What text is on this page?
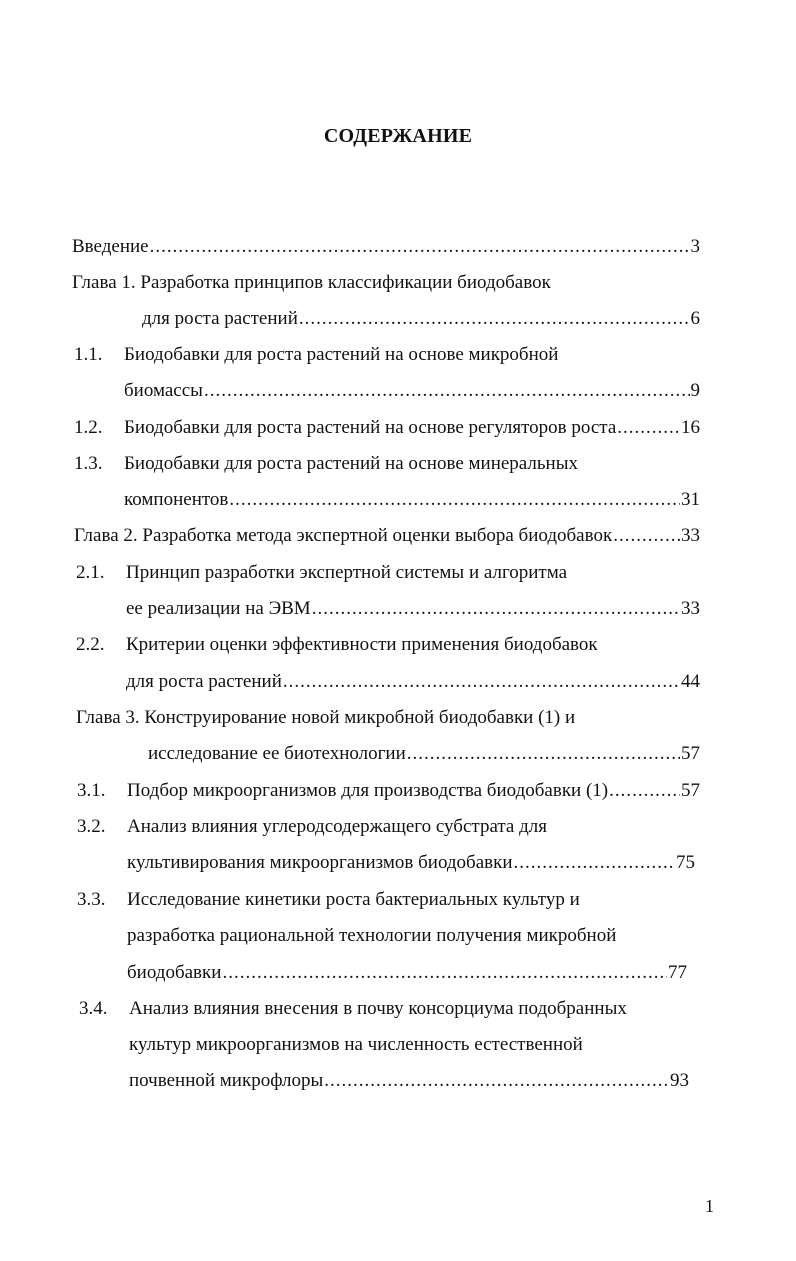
СОДЕРЖАНИЕ
Введение .....	3
Глава 1. Разработка принципов классификации биодобавок
для роста растений .....	6
1.1.	Биодобавки для роста растений на основе микробной
биомассы .....	9
1.2.	Биодобавки для роста растений на основе регуляторов роста .....	16
1.3.	Биодобавки для роста растений на основе минеральных
компонентов .....	31
Глава 2. Разработка метода экспертной оценки выбора биодобавок .....	33
2.1.	Принцип разработки экспертной системы и алгоритма
ее реализации на ЭВМ .....	33
2.2.	Критерии оценки эффективности применения биодобавок
для роста растений .....	44
Глава 3. Конструирование новой микробной биодобавки (1) и
исследование ее биотехнологии .....	57
3.1.	Подбор микроорганизмов для производства биодобавки (1) .....	57
3.2.	Анализ влияния углеродсодержащего субстрата для
культивирования микроорганизмов биодобавки .....	75
3.3.	Исследование кинетики роста бактериальных культур и
разработка рациональной технологии получения микробной
биодобавки .....	77
3.4.	Анализ влияния внесения в почву консорциума подобранных
культур микроорганизмов на численность естественной
почвенной микрофлоры .....	93
1
